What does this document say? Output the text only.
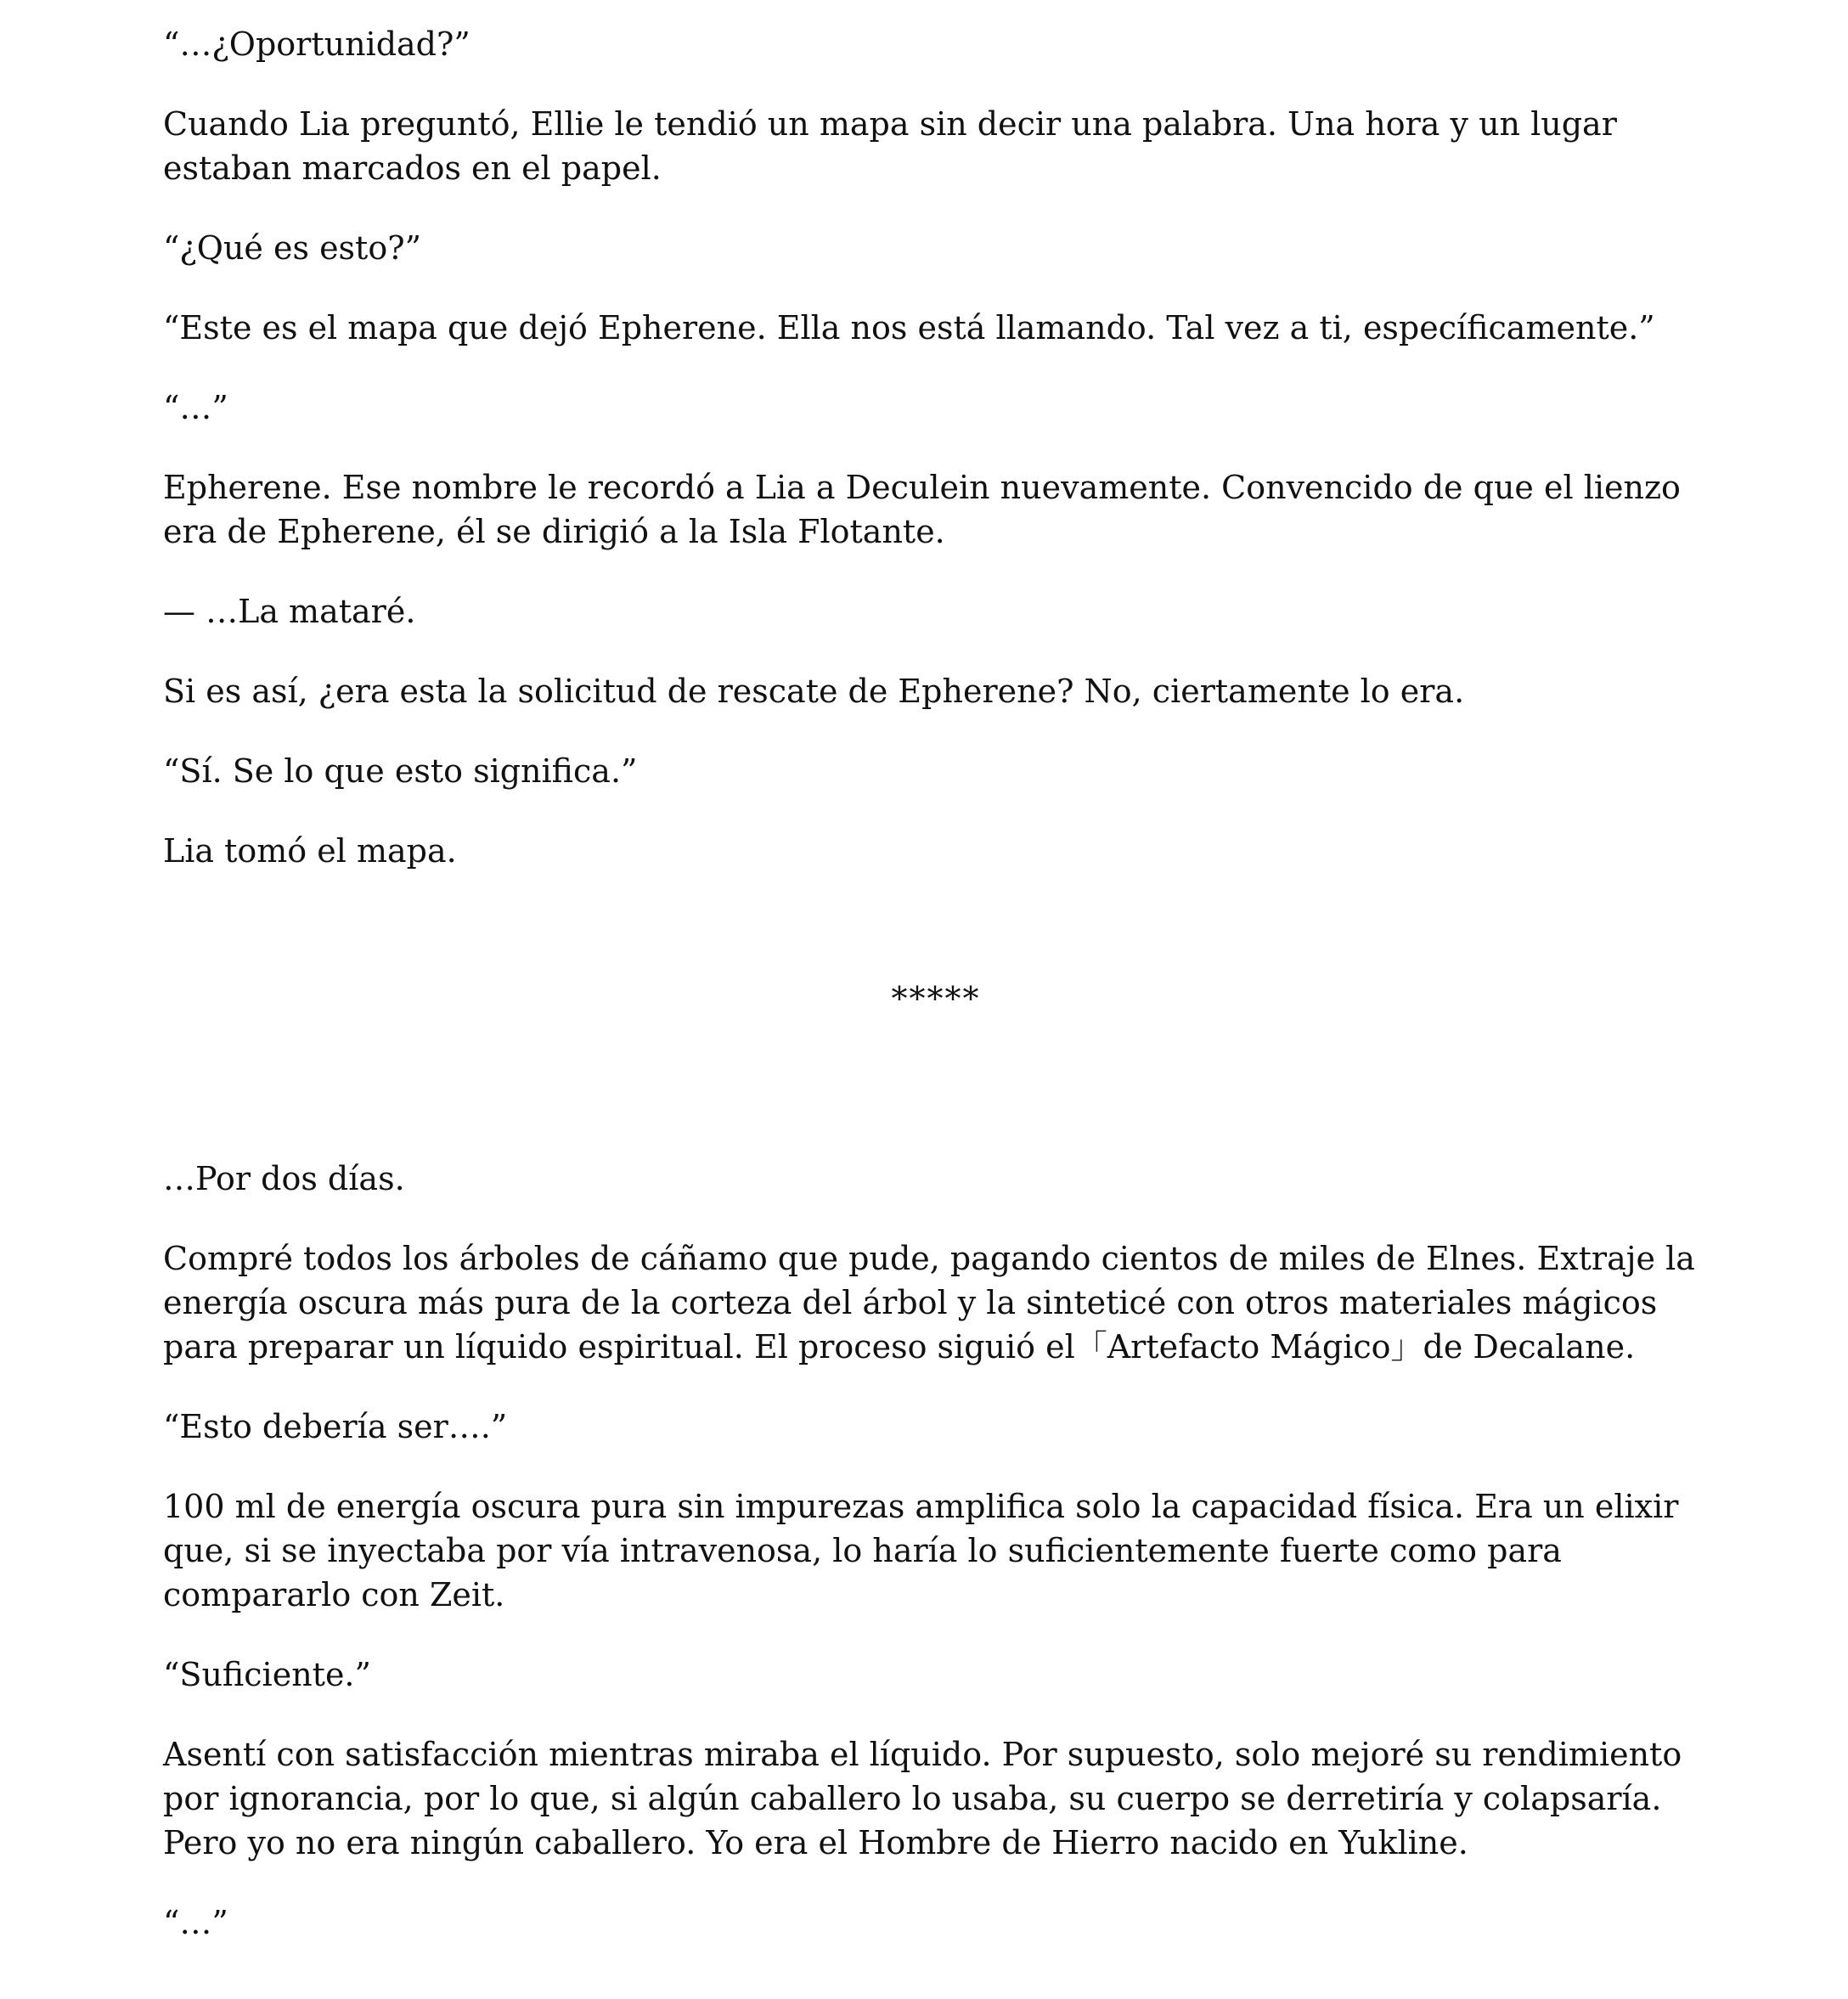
“…¿Oportunidad?”

Cuando Lia preguntó, Ellie le tendió un mapa sin decir una palabra. Una hora y un lugar estaban marcados en el papel.

“¿Qué es esto?”

“Este es el mapa que dejó Epherene. Ella nos está llamando. Tal vez a ti, específicamente.”

“…”

Epherene. Ese nombre le recordó a Lia a Deculein nuevamente. Convencido de que el lienzo era de Epherene, él se dirigió a la Isla Flotante.

— …La mataré.

Si es así, ¿era esta la solicitud de rescate de Epherene? No, ciertamente lo era.

“Sí. Se lo que esto significa.”

Lia tomó el mapa.

*****

…Por dos días.

Compré todos los árboles de cáñamo que pude, pagando cientos de miles de Elnes. Extraje la energía oscura más pura de la corteza del árbol y la sinteticé con otros materiales mágicos para preparar un líquido espiritual. El proceso siguió el「Artefacto Mágico」de Decalane.

“Esto debería ser….”

100 ml de energía oscura pura sin impurezas amplifica solo la capacidad física. Era un elixir que, si se inyectaba por vía intravenosa, lo haría lo suficientemente fuerte como para compararlo con Zeit.

“Suficiente.”

Asentí con satisfacción mientras miraba el líquido. Por supuesto, solo mejoré su rendimiento por ignorancia, por lo que, si algún caballero lo usaba, su cuerpo se derretiría y colapsaría. Pero yo no era ningún caballero. Yo era el Hombre de Hierro nacido en Yukline.

“…”
